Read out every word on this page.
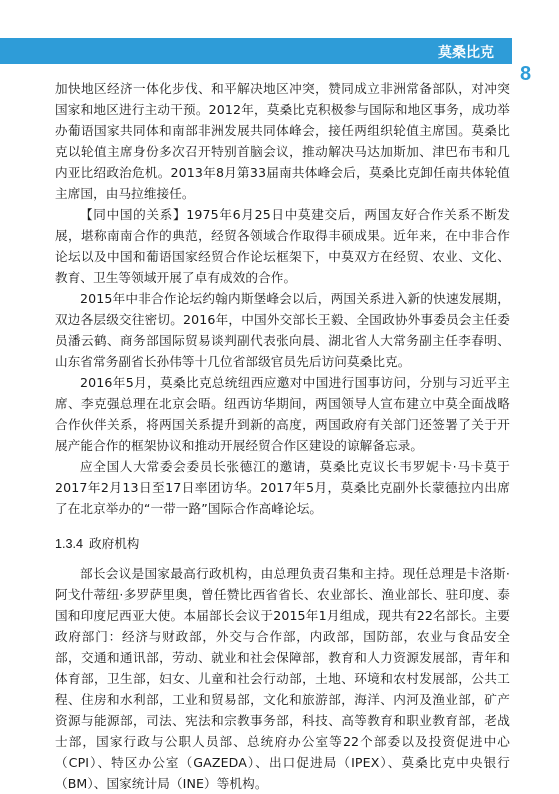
莫桑比克
8

加快地区经济一体化步伐、和平解决地区冲突，赞同成立非洲常备部队，对冲突国家和地区进行主动干预。2012年，莫桑比克积极参与国际和地区事务，成功举办葡语国家共同体和南部非洲发展共同体峰会，接任两组织轮值主席国。莫桑比克以轮值主席身份多次召开特别首脑会议，推动解决马达加斯加、津巴布韦和几内亚比绍政治危机。2013年8月第33届南共体峰会后，莫桑比克卸任南共体轮值主席国，由马拉维接任。

【同中国的关系】1975年6月25日中莫建交后，两国友好合作关系不断发展，堪称南南合作的典范，经贸各领域合作取得丰硕成果。近年来，在中非合作论坛以及中国和葡语国家经贸合作论坛框架下，中莫双方在经贸、农业、文化、教育、卫生等领域开展了卓有成效的合作。

2015年中非合作论坛约翰内斯堡峰会以后，两国关系进入新的快速发展期，双边各层级交往密切。2016年，中国外交部长王毅、全国政协外事委员会主任委员潘云鹤、商务部国际贸易谈判副代表张向晨、湖北省人大常务副主任李春明、山东省常务副省长孙伟等十几位省部级官员先后访问莫桑比克。

2016年5月，莫桑比克总统纽西应邀对中国进行国事访问，分别与习近平主席、李克强总理在北京会晤。纽西访华期间，两国领导人宣布建立中莫全面战略合作伙伴关系，将两国关系提升到新的高度，两国政府有关部门还签署了关于开展产能合作的框架协议和推动开展经贸合作区建设的谅解备忘录。

应全国人大常委会委员长张德江的邀请，莫桑比克议长韦罗妮卡·马卡莫于2017年2月13日至17日率团访华。2017年5月，莫桑比克副外长蒙德拉内出席了在北京举办的“一带一路”国际合作高峰论坛。

1.3.4 政府机构

部长会议是国家最高行政机构，由总理负责召集和主持。现任总理是卡洛斯·阿戈什蒂纽·多罗萨里奥，曾任赞比西省省长、农业部长、渔业部长、驻印度、泰国和印度尼西亚大使。本届部长会议于2015年1月组成，现共有22名部长。主要政府部门：经济与财政部，外交与合作部，内政部，国防部，农业与食品安全部，交通和通讯部，劳动、就业和社会保障部，教育和人力资源发展部，青年和体育部，卫生部，妇女、儿童和社会行动部，土地、环境和农村发展部，公共工程、住房和水利部，工业和贸易部，文化和旅游部，海洋、内河及渔业部，矿产资源与能源部，司法、宪法和宗教事务部，科技、高等教育和职业教育部，老战士部，国家行政与公职人员部、总统府办公室等22个部委以及投资促进中心（CPI）、特区办公室（GAZEDA）、出口促进局（IPEX）、莫桑比克中央银行（BM）、国家统计局（INE）等机构。
